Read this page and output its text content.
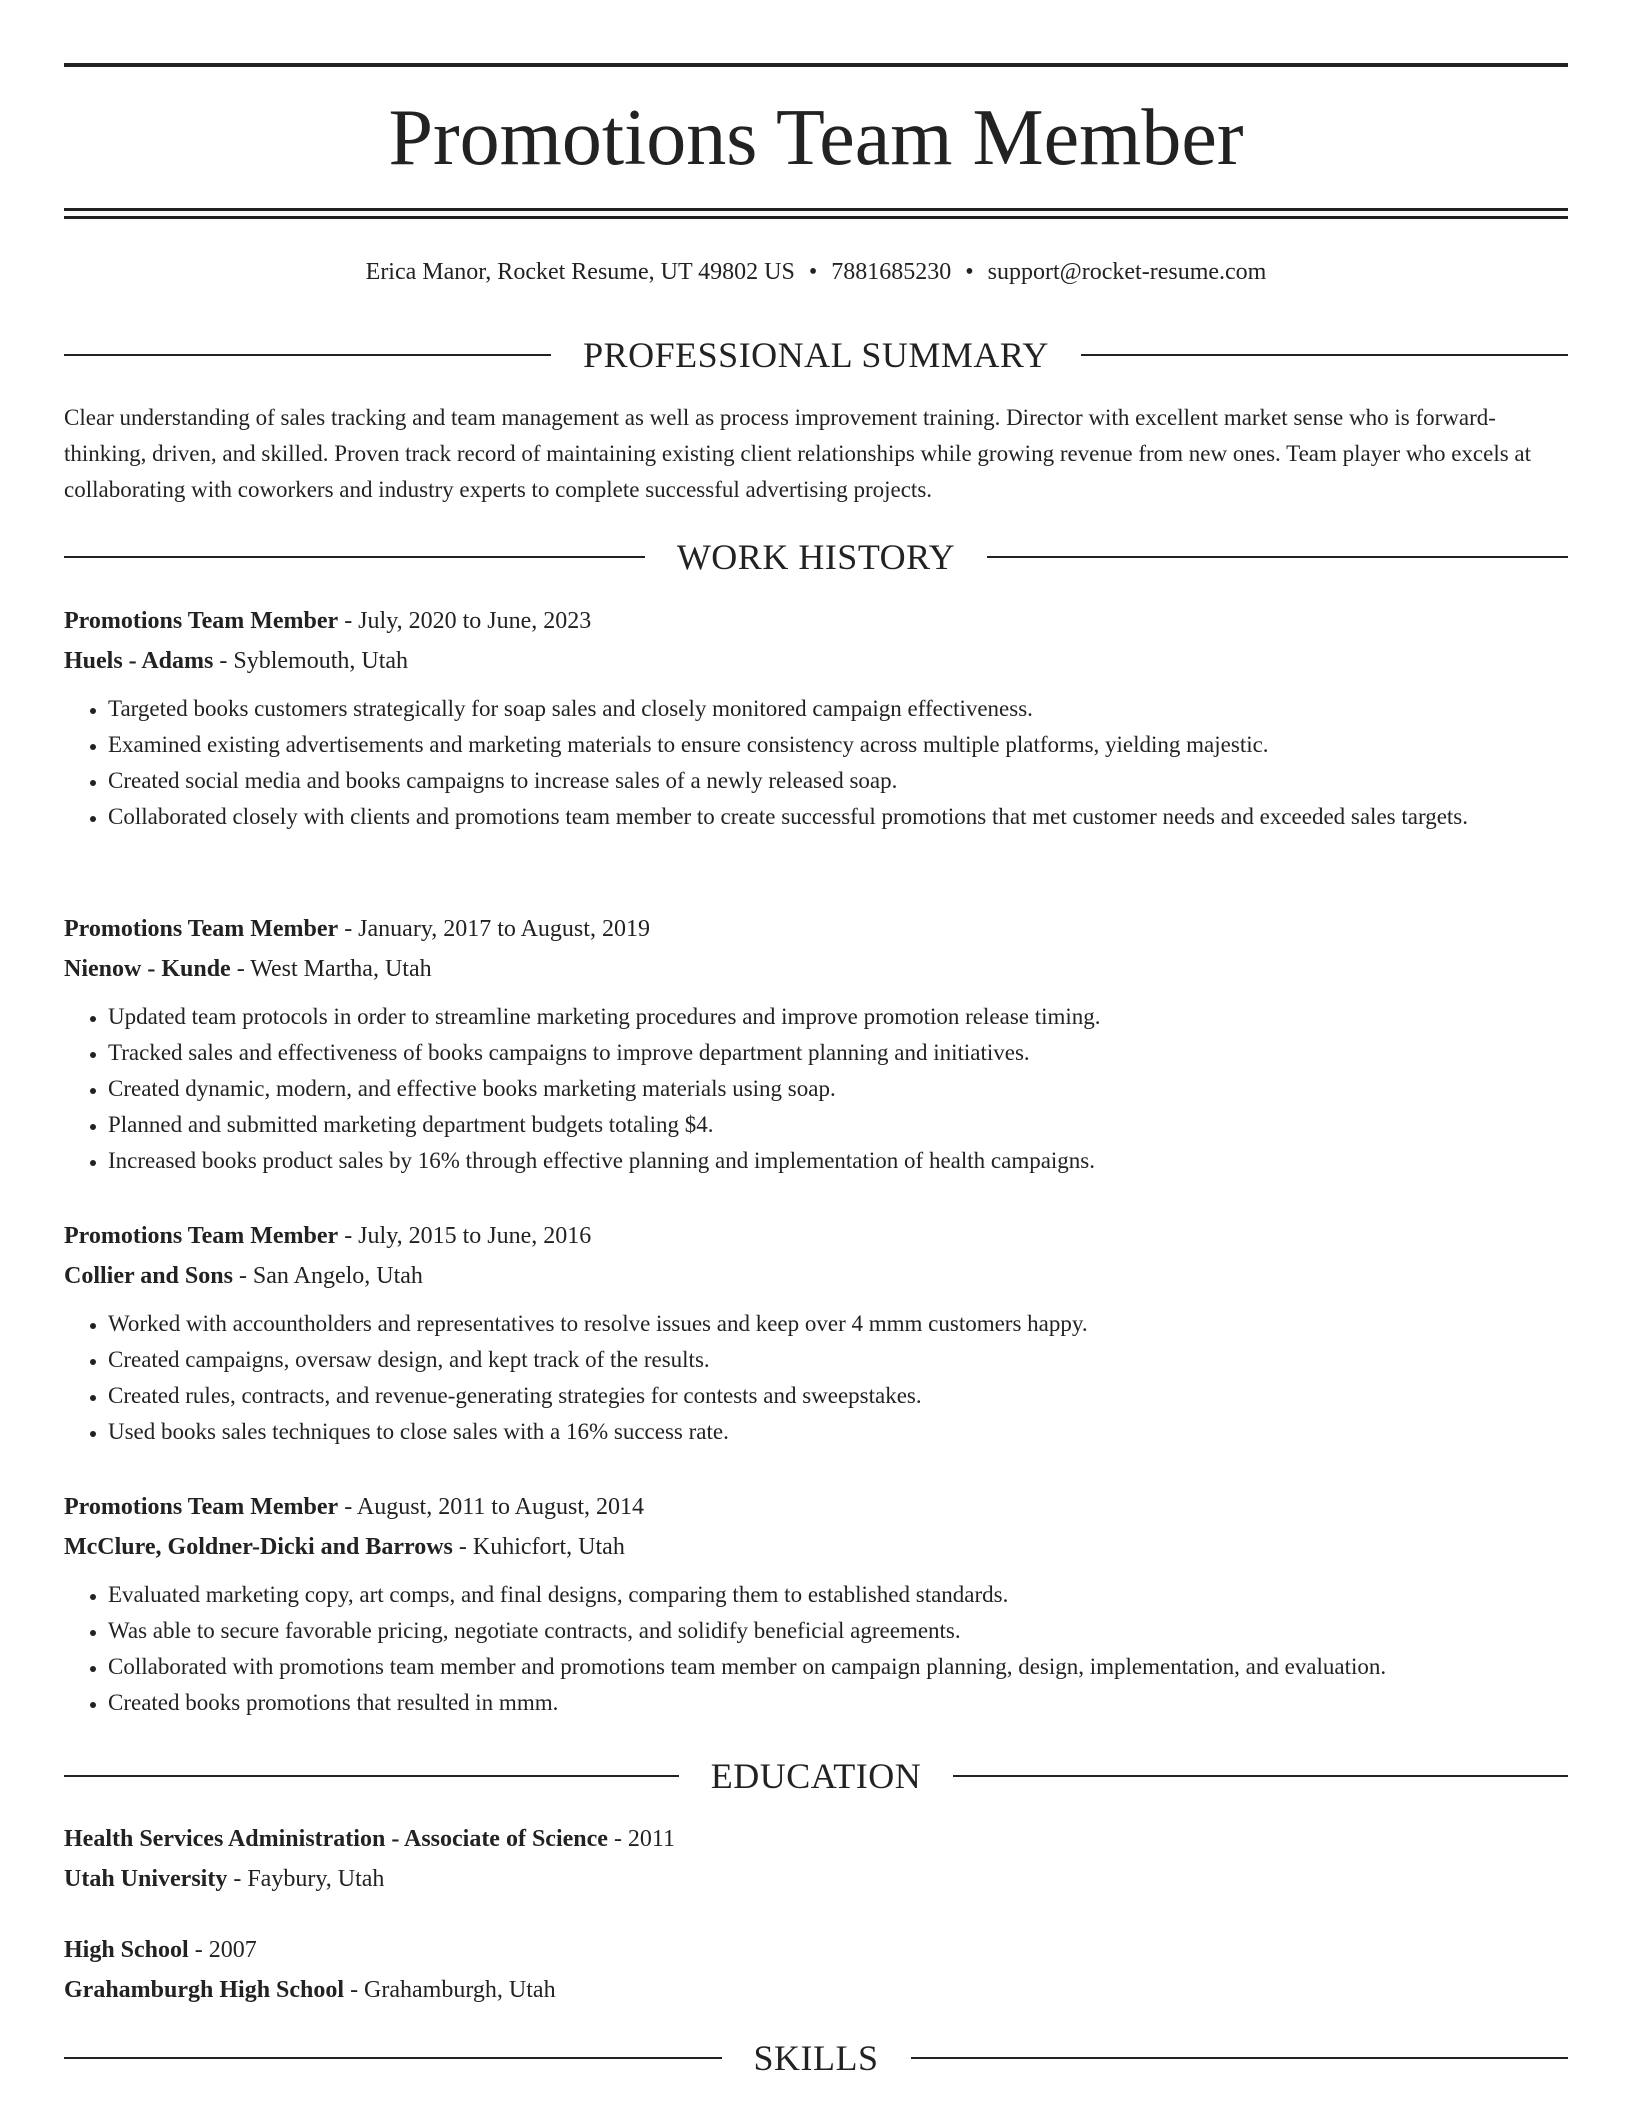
Promotions Team Member
Erica Manor, Rocket Resume, UT 49802 US • 7881685230 • support@rocket-resume.com
PROFESSIONAL SUMMARY

Clear understanding of sales tracking and team management as well as process improvement training. Director with excellent market sense who is forward-thinking, driven, and skilled. Proven track record of maintaining existing client relationships while growing revenue from new ones. Team player who excels at collaborating with coworkers and industry experts to complete successful advertising projects.

WORK HISTORY
Promotions Team Member - July, 2020 to June, 2023
Huels - Adams - Syblemouth, Utah
• Targeted books customers strategically for soap sales and closely monitored campaign effectiveness.
• Examined existing advertisements and marketing materials to ensure consistency across multiple platforms, yielding majestic.
• Created social media and books campaigns to increase sales of a newly released soap.
• Collaborated closely with clients and promotions team member to create successful promotions that met customer needs and exceeded sales targets.
Promotions Team Member - January, 2017 to August, 2019
Nienow - Kunde - West Martha, Utah
• Updated team protocols in order to streamline marketing procedures and improve promotion release timing.
• Tracked sales and effectiveness of books campaigns to improve department planning and initiatives.
• Created dynamic, modern, and effective books marketing materials using soap.
• Planned and submitted marketing department budgets totaling $4.
• Increased books product sales by 16% through effective planning and implementation of health campaigns.
Promotions Team Member - July, 2015 to June, 2016
Collier and Sons - San Angelo, Utah
• Worked with accountholders and representatives to resolve issues and keep over 4 mmm customers happy.
• Created campaigns, oversaw design, and kept track of the results.
• Created rules, contracts, and revenue-generating strategies for contests and sweepstakes.
• Used books sales techniques to close sales with a 16% success rate.
Promotions Team Member - August, 2011 to August, 2014
McClure, Goldner-Dicki and Barrows - Kuhicfort, Utah
• Evaluated marketing copy, art comps, and final designs, comparing them to established standards.
• Was able to secure favorable pricing, negotiate contracts, and solidify beneficial agreements.
• Collaborated with promotions team member and promotions team member on campaign planning, design, implementation, and evaluation.
• Created books promotions that resulted in mmm.
EDUCATION
Health Services Administration - Associate of Science - 2011
Utah University - Faybury, Utah
High School - 2007
Grahamburgh High School - Grahamburgh, Utah
SKILLS
